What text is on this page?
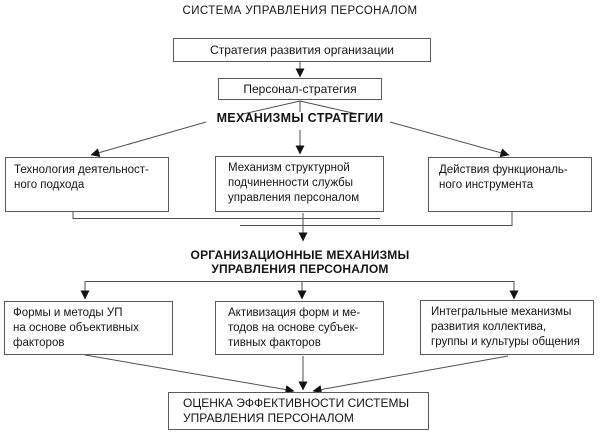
СИСТЕМА УПРАВЛЕНИЯ ПЕРСОНАЛОМ
Стратегия развития организации
Персонал-стратегия
МЕХАНИЗМЫ СТРАТЕГИИ
Технология деятельност-
ного подхода
Механизм структурной
подчиненности службы
управления персоналом
Действия функциональ-
ного инструмента
ОРГАНИЗАЦИОННЫЕ МЕХАНИЗМЫ
УПРАВЛЕНИЯ ПЕРСОНАЛОМ
Формы и методы УП
на основе объективных
факторов
Активизация форм и ме-
тодов на основе субъек-
тивных факторов
Интегральные механизмы
развития коллектива,
группы и культуры общения
ОЦЕНКА ЭФФЕКТИВНОСТИ СИСТЕМЫ
УПРАВЛЕНИЯ ПЕРСОНАЛОМ
